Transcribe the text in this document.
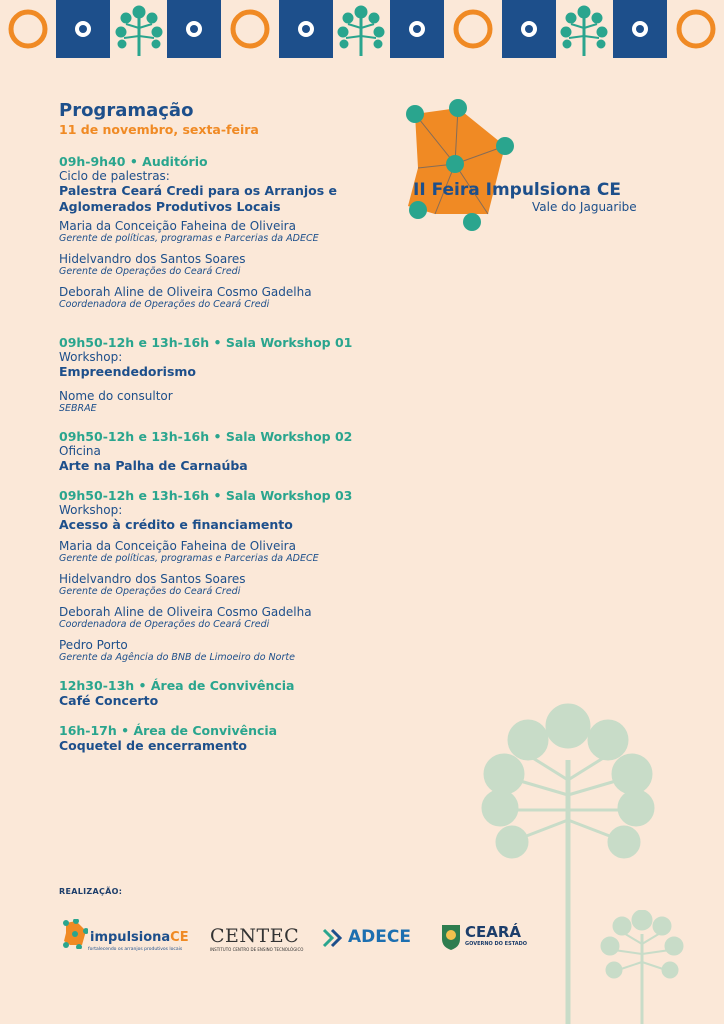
II Feira Impulsiona CE
Vale do Jaguaribe
Programação
11 de novembro, sexta-feira
09h-9h40 • Auditório
Ciclo de palestras:
Palestra Ceará Credi para os Arranjos e Aglomerados Produtivos Locais
Maria da Conceição Faheina de Oliveira
Gerente de políticas, programas e Parcerias da ADECE
Hidelvandro dos Santos Soares
Gerente de Operações do Ceará Credi
Deborah Aline de Oliveira Cosmo Gadelha
Coordenadora de Operações do Ceará Credi
09h50-12h e 13h-16h • Sala Workshop 01
Workshop:
Empreendedorismo
Nome do consultor
SEBRAE
09h50-12h e 13h-16h • Sala Workshop 02
Oficina
Arte na Palha de Carnaúba
09h50-12h e 13h-16h • Sala Workshop 03
Workshop:
Acesso à crédito e financiamento
Maria da Conceição Faheina de Oliveira
Gerente de políticas, programas e Parcerias da ADECE
Hidelvandro dos Santos Soares
Gerente de Operações do Ceará Credi
Deborah Aline de Oliveira Cosmo Gadelha
Coordenadora de Operações do Ceará Credi
Pedro Porto
Gerente da Agência do BNB de Limoeiro do Norte
12h30-13h • Área de Convivência
Café Concerto
16h-17h • Área de Convivência
Coquetel de encerramento
REALIZAÇÃO:
impulsionaCE
fortalecendo os arranjos produtivos locais
CENTEC
INSTITUTO CENTRO DE ENSINO TECNOLÓGICO
ADECE	CEARÁ
GOVERNO DO ESTADO
